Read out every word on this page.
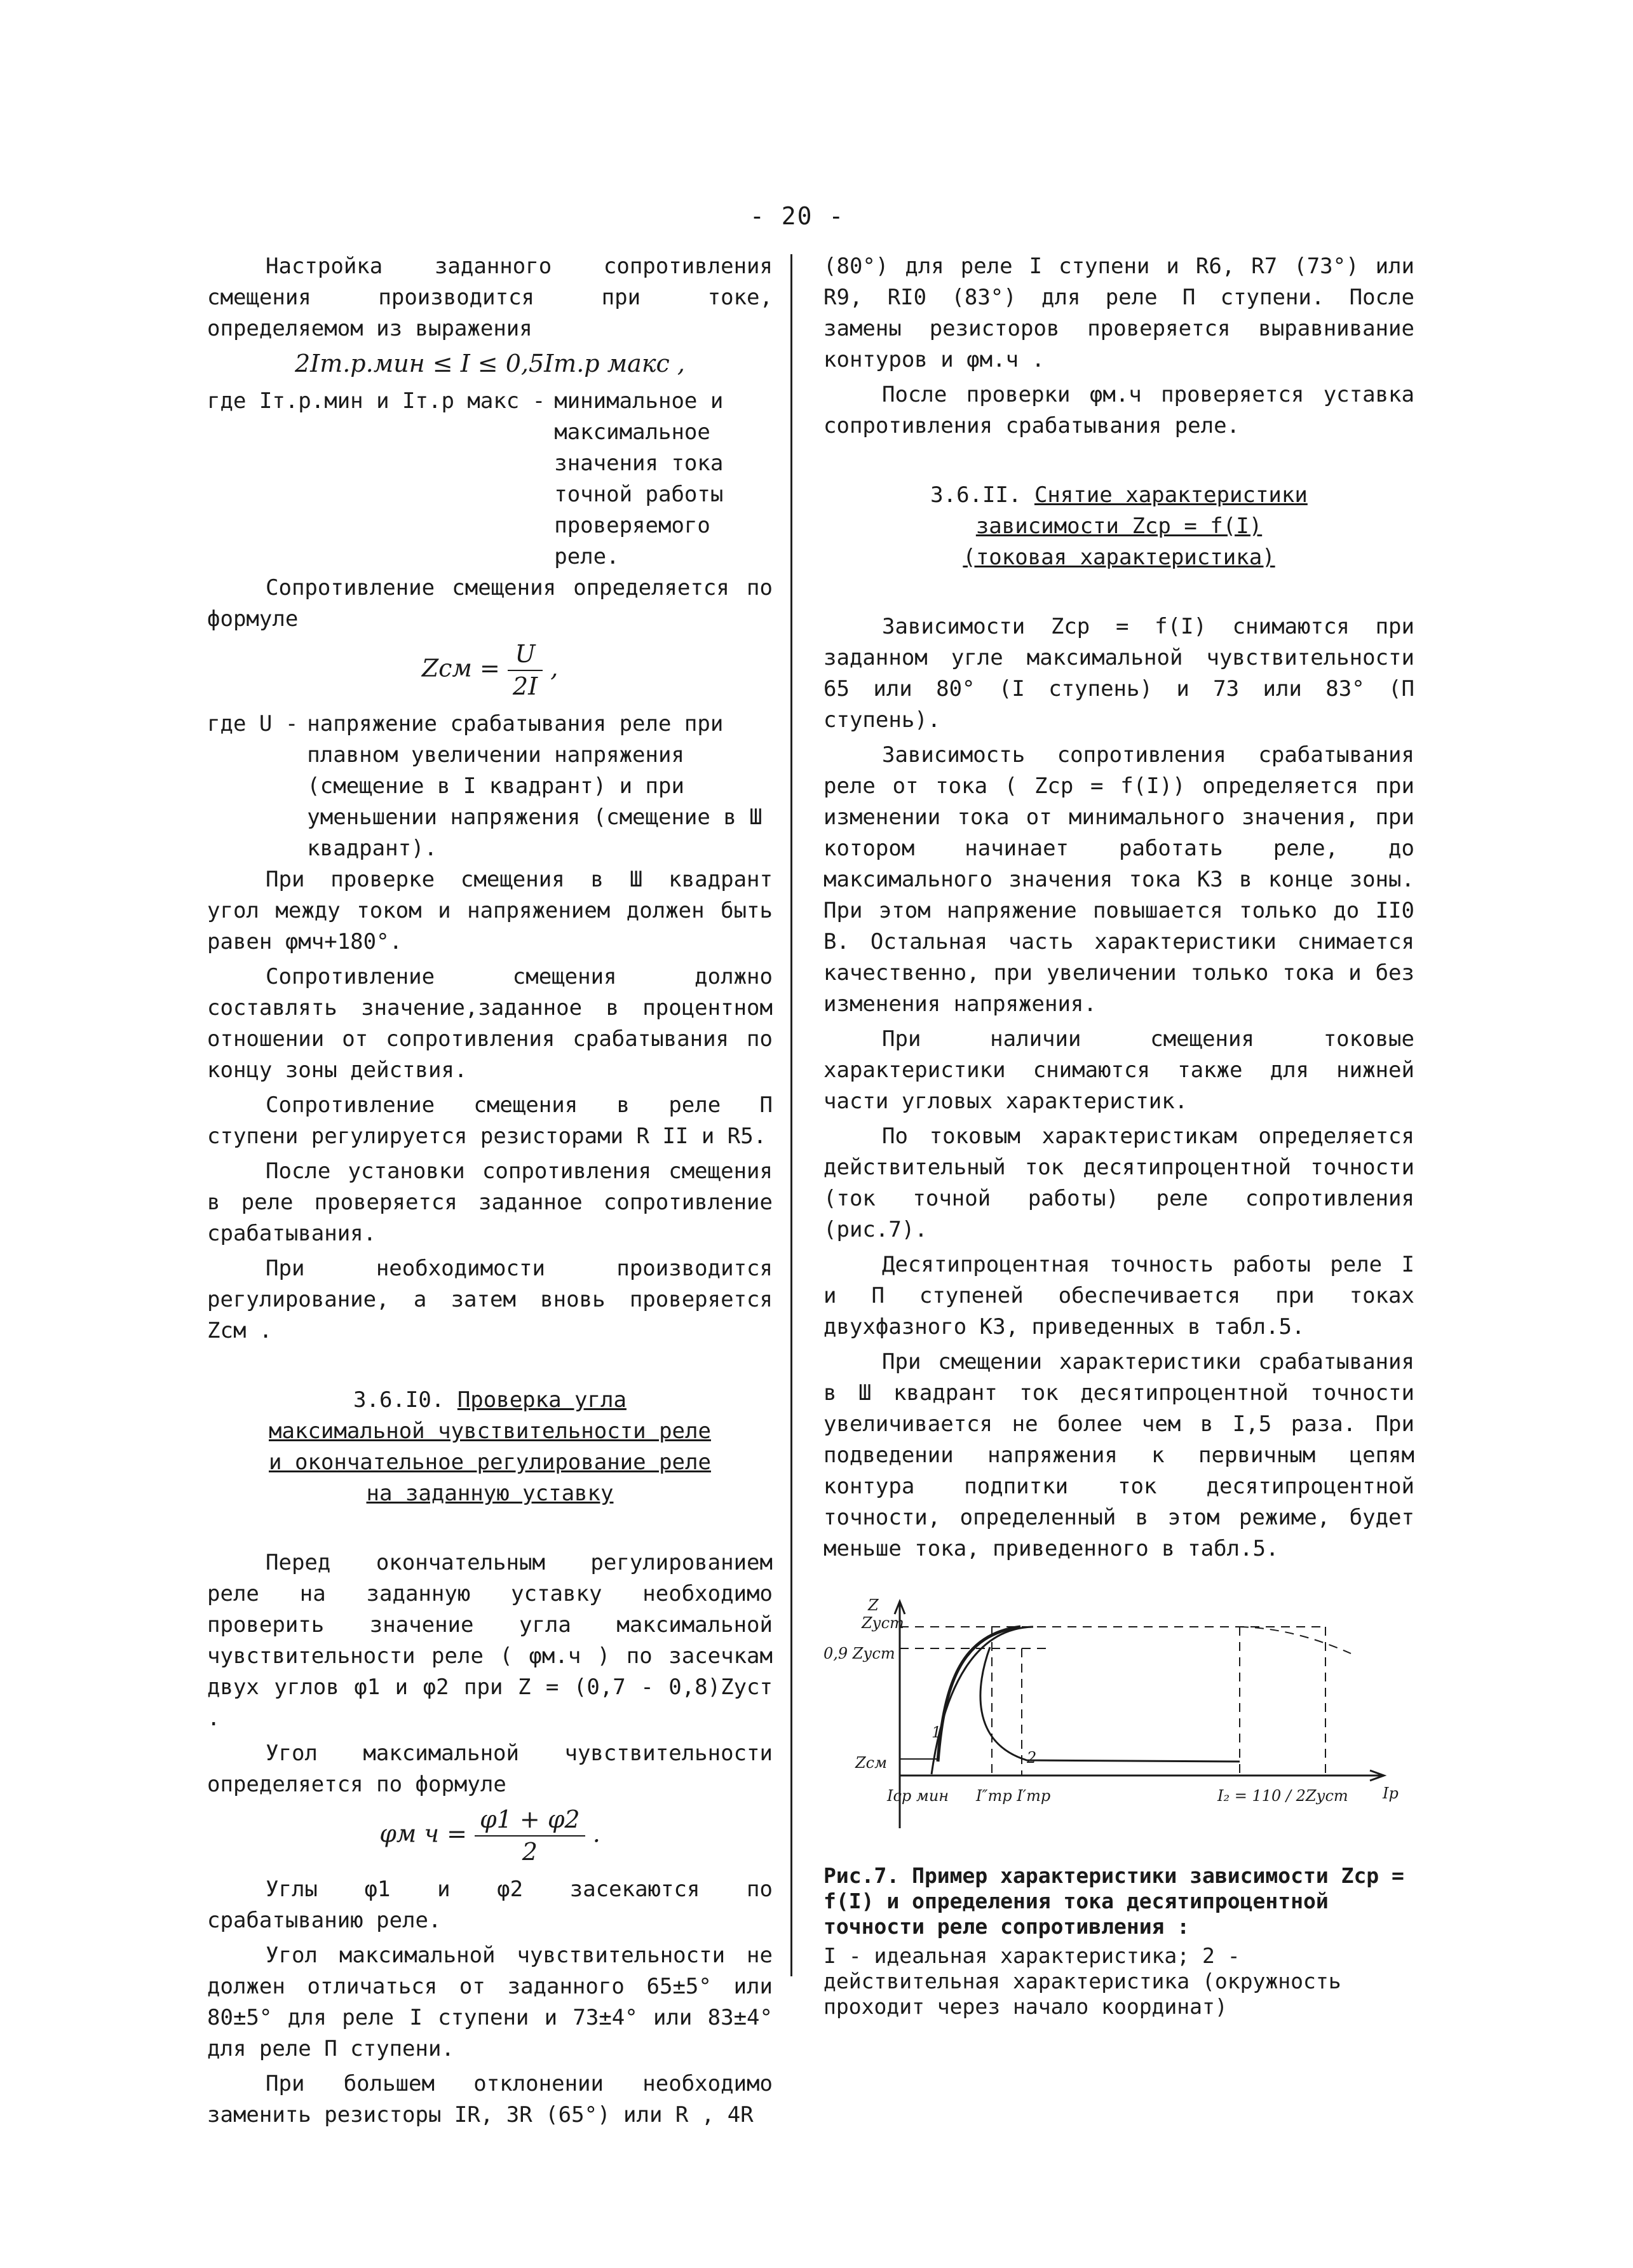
- 20 -

Настройка заданного сопротивления смещения производится при токе, определяемом из выражения

2Iт.р.мин ≤ I ≤ 0,5Iт.р макс ,
где Iт.р.мин и Iт.р макс - минимальное и максимальное значения тока точной работы проверяемого реле.

Сопротивление смещения определяется по формуле

Zсм = $\frac{U}{2I}$ ,
где U - напряжение срабатывания реле при плавном увеличении напряжения (смещение в I квадрант) и при уменьшении напряжения (смещение в Ш квадрант).

При проверке смещения в Ш квадрант угол между током и напряжением должен быть равен φмч+180°.

Сопротивление смещения должно составлять значение,заданное в процентном отношении от сопротивления срабатывания по концу зоны действия.

Сопротивление смещения в реле П ступени регулируется резисторами R II и R5.

После установки сопротивления смещения в реле проверяется заданное сопротивление срабатывания.

При необходимости производится регулирование, а затем вновь проверяется Zсм .

3.6.I0. Проверка угла
максимальной чувствительности реле
и окончательное регулирование реле
на заданную уставку

Перед окончательным регулированием реле на заданную уставку необходимо проверить значение угла максимальной чувствительности реле ( φм.ч ) по засечкам двух углов φ1 и φ2 при Z = (0,7 - 0,8)Zуст .

Угол максимальной чувствительности определяется по формуле

φм $ч = \frac{\varphi 1 + \varphi 2}{2}$ .

Углы φ1 и φ2 засекаются по срабатыванию реле.

Угол максимальной чувствительности не должен отличаться от заданного 65±5° или 80±5° для реле I ступени и 73±4° или 83±4° для реле П ступени.

При большем отклонении необходимо заменить резисторы IR, 3R (65°) или R , 4R

(80°) для реле I ступени и R6, R7 (73°) или R9, RI0 (83°) для реле П ступени. После замены резисторов проверяется выравнивание контуров и φм.ч .

После проверки φм.ч проверяется уставка сопротивления срабатывания реле.

3.6.II. Снятие характеристики
зависимости Zср = f(I)
(токовая характеристика)

Зависимости Zср = f(I) снимаются при заданном угле максимальной чувствительности 65 или 80° (I ступень) и 73 или 83° (П ступень).

Зависимость сопротивления срабатывания реле от тока ( Zср = f(I)) определяется при изменении тока от минимального значения, при котором начинает работать реле, до максимального значения тока КЗ в конце зоны. При этом напряжение повышается только до II0 В. Остальная часть характеристики снимается качественно, при увеличении только тока и без изменения напряжения.

При наличии смещения токовые характеристики снимаются также для нижней части угловых характеристик.

По токовым характеристикам определяется действительный ток десятипроцентной точности (ток точной работы) реле сопротивления (рис.7).

Десятипроцентная точность работы реле I и П ступеней обеспечивается при токах двухфазного КЗ, приведенных в табл.5.

При смещении характеристики срабатывания в Ш квадрант ток десятипроцентной точности увеличивается не более чем в I,5 раза. При подведении напряжения к первичным цепям контура подпитки ток десятипроцентной точности, определенный в этом режиме, будет меньше тока, приведенного в табл.5.

Z
Zуст
0,9 Zуст
Zсм
1
2
Ip
Iср мин I″тр I′тр	I₂ = 110 / 2Zуст

Рис.7. Пример характеристики зависимости Zср = f(I) и определения тока десятипроцентной точности реле сопротивления :

I - идеальная характеристика; 2 - действительная характеристика (окружность проходит через начало координат)
